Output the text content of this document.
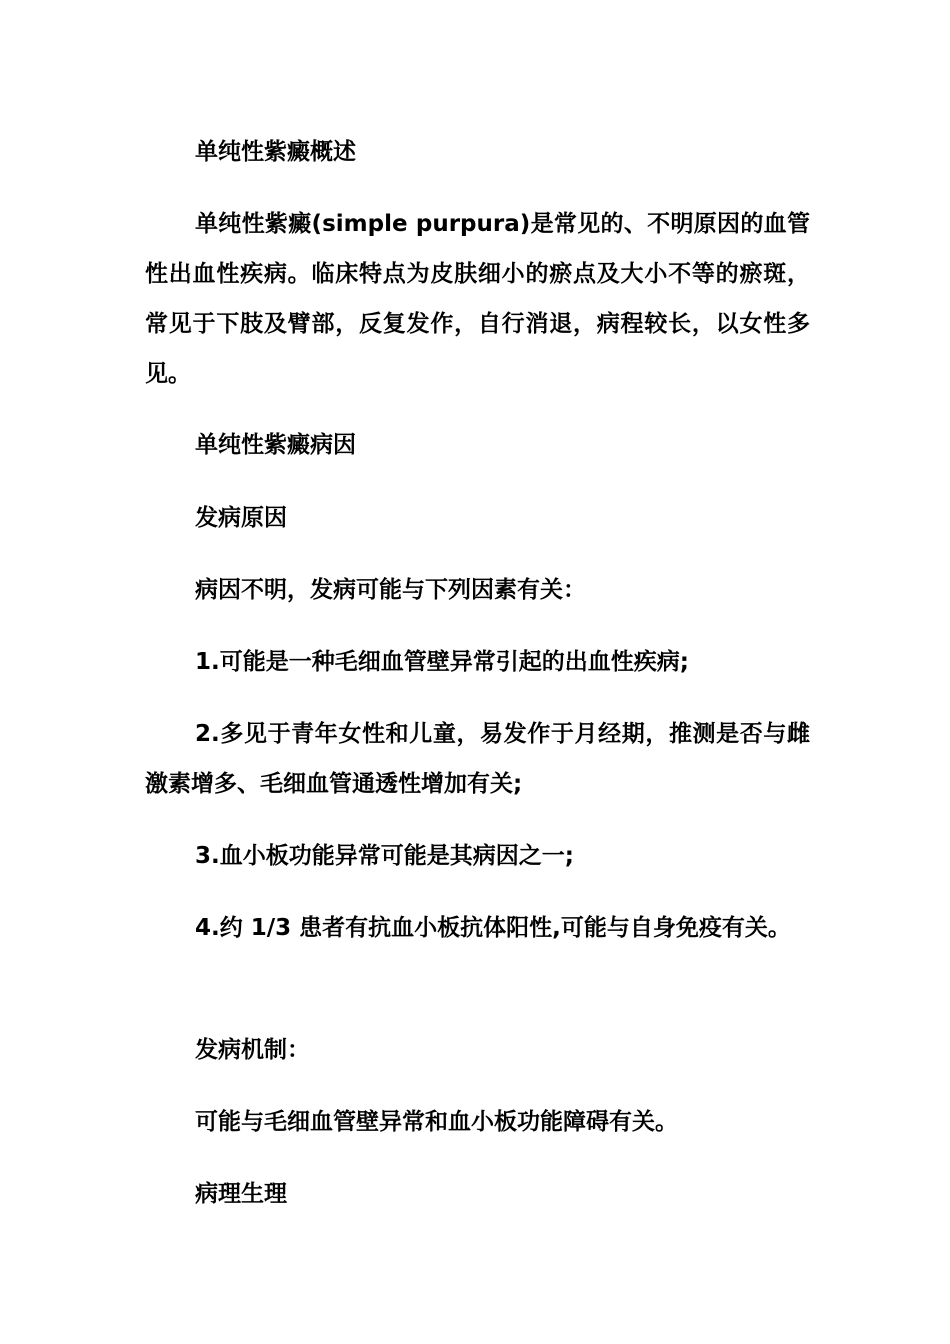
单纯性紫癜概述

单纯性紫癜(simple purpura)是常见的、不明原因的血管性出血性疾病。临床特点为皮肤细小的瘀点及大小不等的瘀斑，常见于下肢及臂部，反复发作，自行消退，病程较长，以女性多见。

单纯性紫癜病因

发病原因

病因不明，发病可能与下列因素有关：

1.可能是一种毛细血管壁异常引起的出血性疾病;

2.多见于青年女性和儿童，易发作于月经期，推测是否与雌激素增多、毛细血管通透性增加有关;

3.血小板功能异常可能是其病因之一;

4.约 1/3 患者有抗血小板抗体阳性,可能与自身免疫有关。

发病机制：

可能与毛细血管壁异常和血小板功能障碍有关。

病理生理
